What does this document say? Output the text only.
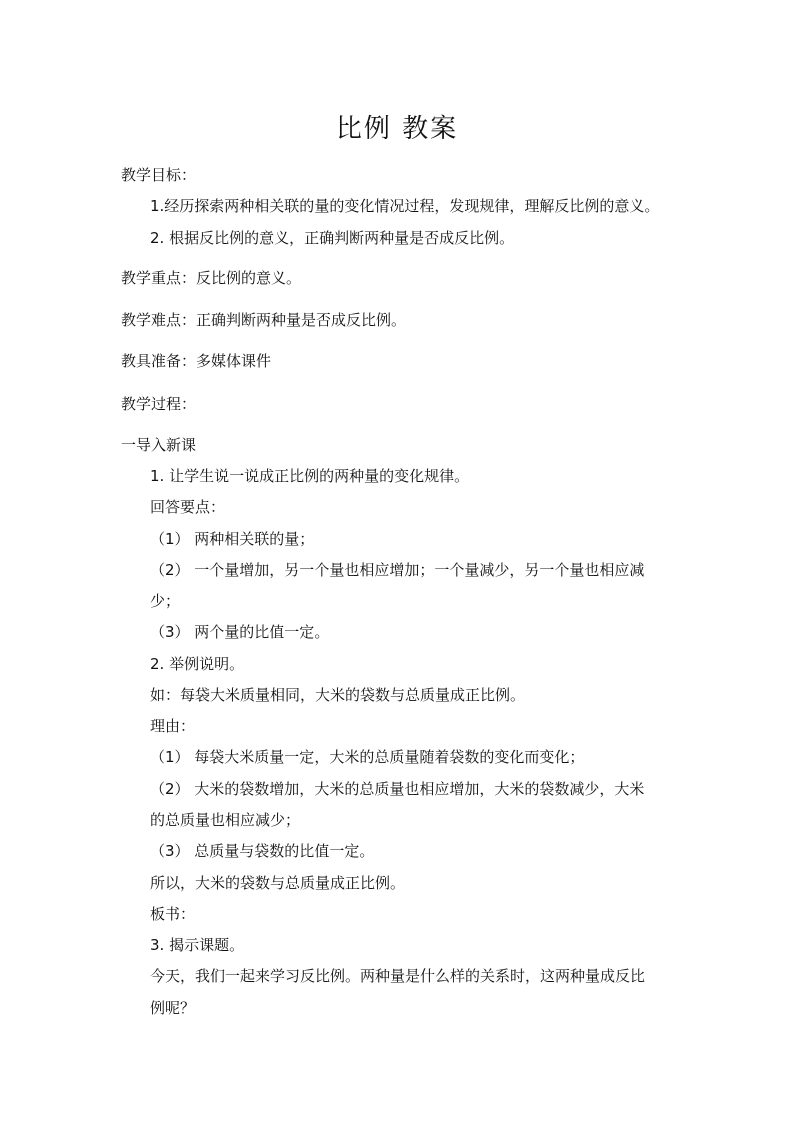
比例 教案
教学目标：
1.经历探索两种相关联的量的变化情况过程，发现规律，理解反比例的意义。
2. 根据反比例的意义，正确判断两种量是否成反比例。
教学重点：反比例的意义。
教学难点：正确判断两种量是否成反比例。
教具准备：多媒体课件
教学过程：
一导入新课
1. 让学生说一说成正比例的两种量的变化规律。
回答要点：
（1） 两种相关联的量；
（2） 一个量增加，另一个量也相应增加；一个量减少，另一个量也相应减
少；
（3） 两个量的比值一定。
2. 举例说明。
如：每袋大米质量相同，大米的袋数与总质量成正比例。
理由：
（1） 每袋大米质量一定，大米的总质量随着袋数的变化而变化；
（2） 大米的袋数增加，大米的总质量也相应增加，大米的袋数减少，大米
的总质量也相应减少；
（3） 总质量与袋数的比值一定。
所以，大米的袋数与总质量成正比例。
板书：
3. 揭示课题。
今天，我们一起来学习反比例。两种量是什么样的关系时，这两种量成反比
例呢？
